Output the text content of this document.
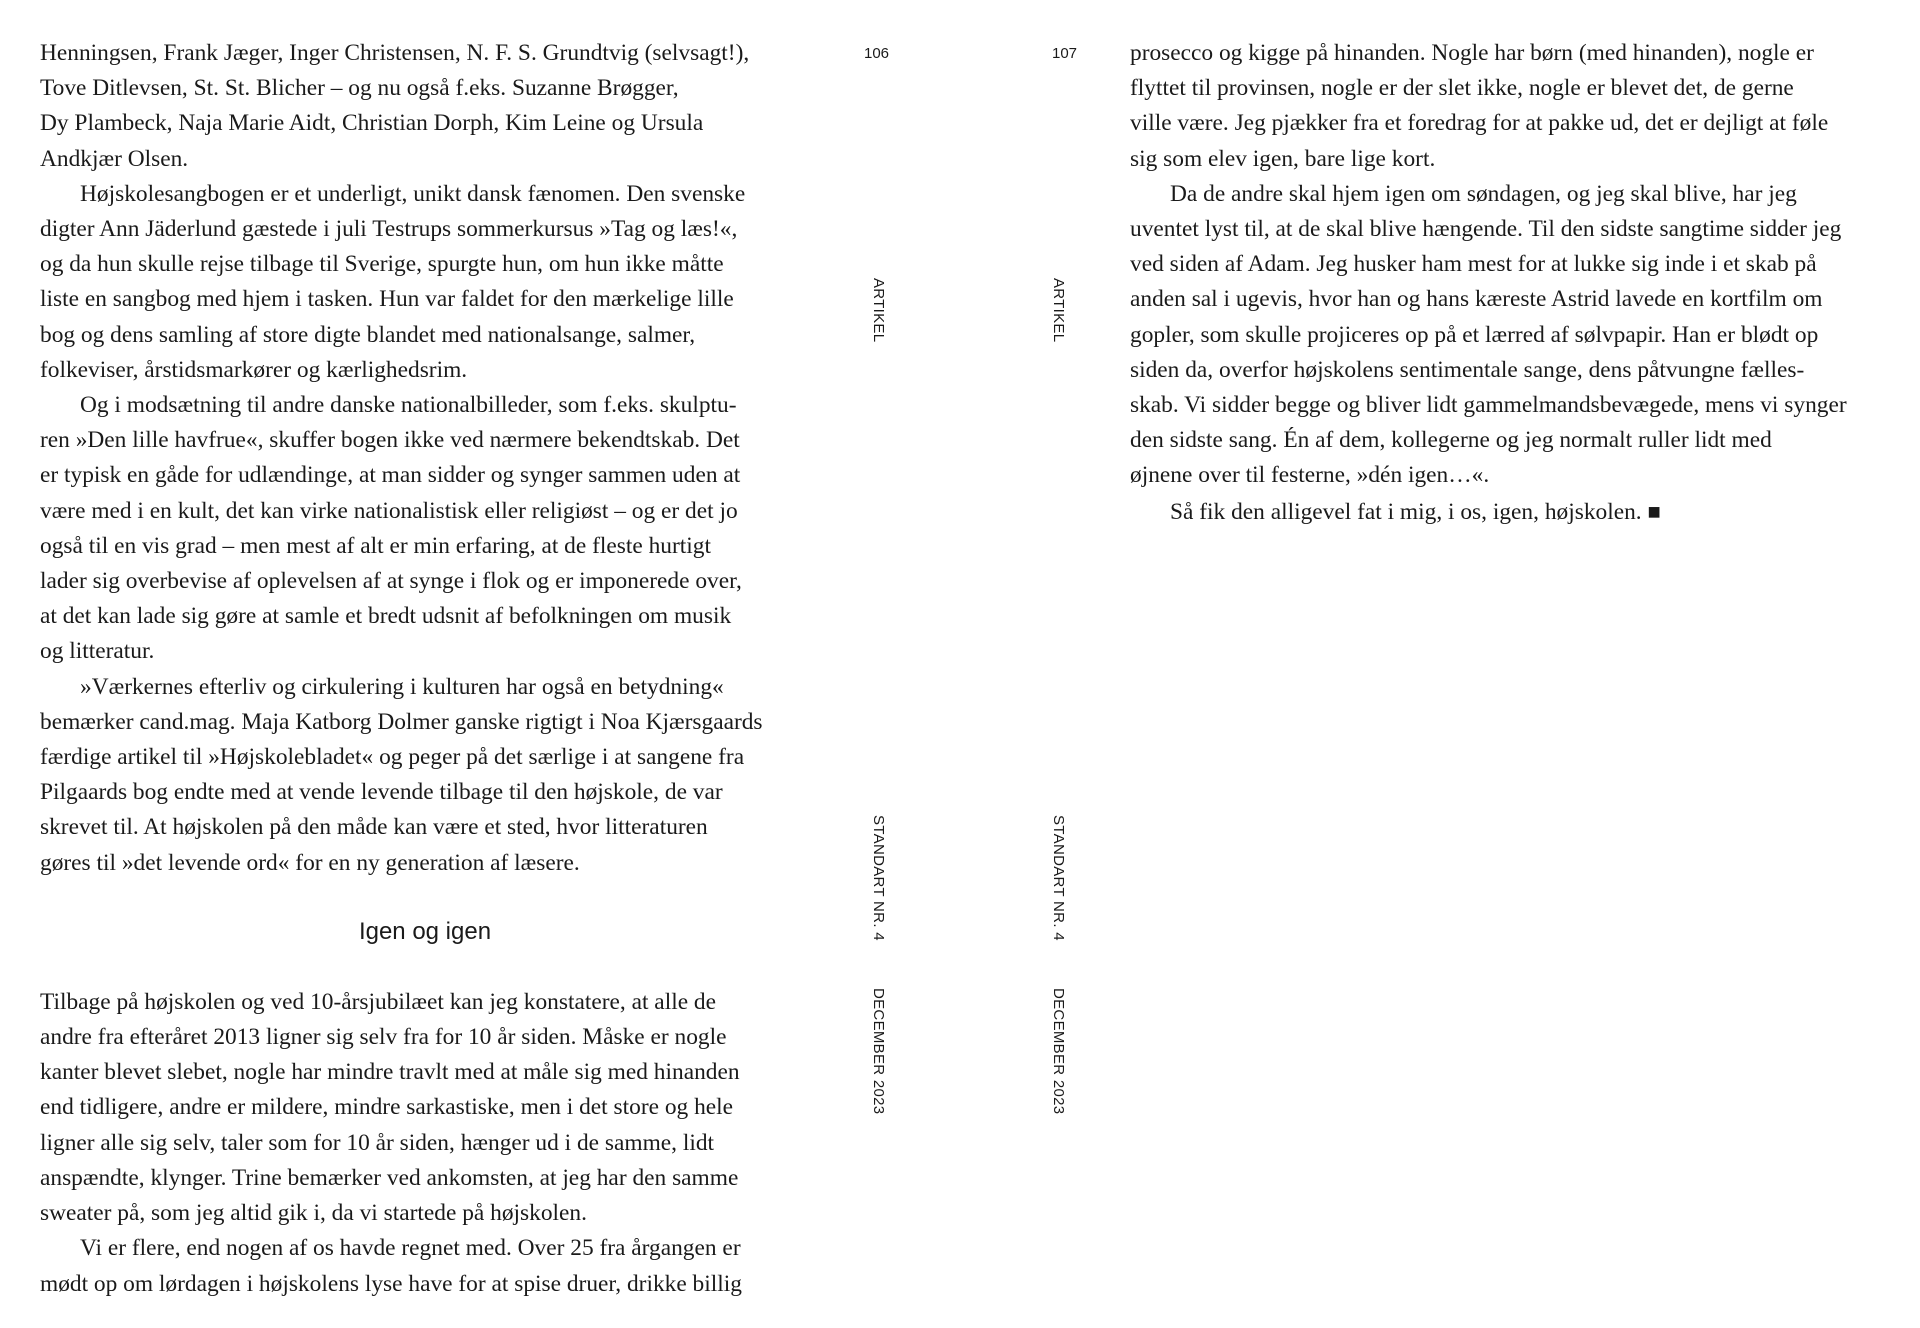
106	107
ARTIKEL	ARTIKEL
STANDART NR. 4	STANDART NR. 4
DECEMBER 2023	DECEMBER 2023

Henningsen, Frank Jæger, Inger Christensen, N. F. S. Grundtvig (selvsagt!),
Tove Ditlevsen, St. St. Blicher – og nu også f.eks. Suzanne Brøgger,
Dy Plambeck, Naja Marie Aidt, Christian Dorph, Kim Leine og Ursula
Andkjær Olsen.

Højskolesangbogen er et underligt, unikt dansk fænomen. Den svenske
digter Ann Jäderlund gæstede i juli Testrups sommerkursus »Tag og læs!«,
og da hun skulle rejse tilbage til Sverige, spurgte hun, om hun ikke måtte
liste en sangbog med hjem i tasken. Hun var faldet for den mærkelige lille
bog og dens samling af store digte blandet med nationalsange, salmer,
folkeviser, årstidsmarkører og kærlighedsrim.

Og i modsætning til andre danske nationalbilleder, som f.eks. skulptu-
ren »Den lille havfrue«, skuffer bogen ikke ved nærmere bekendtskab. Det
er typisk en gåde for udlændinge, at man sidder og synger sammen uden at
være med i en kult, det kan virke nationalistisk eller religiøst – og er det jo
også til en vis grad – men mest af alt er min erfaring, at de fleste hurtigt
lader sig overbevise af oplevelsen af at synge i flok og er imponerede over,
at det kan lade sig gøre at samle et bredt udsnit af befolkningen om musik
og litteratur.

»Værkernes efterliv og cirkulering i kulturen har også en betydning«
bemærker cand.mag. Maja Katborg Dolmer ganske rigtigt i Noa Kjærsgaards
færdige artikel til »Højskolebladet« og peger på det særlige i at sangene fra
Pilgaards bog endte med at vende levende tilbage til den højskole, de var
skrevet til. At højskolen på den måde kan være et sted, hvor litteraturen
gøres til »det levende ord« for en ny generation af læsere.

Igen og igen

Tilbage på højskolen og ved 10-årsjubilæet kan jeg konstatere, at alle de
andre fra efteråret 2013 ligner sig selv fra for 10 år siden. Måske er nogle
kanter blevet slebet, nogle har mindre travlt med at måle sig med hinanden
end tidligere, andre er mildere, mindre sarkastiske, men i det store og hele
ligner alle sig selv, taler som for 10 år siden, hænger ud i de samme, lidt
anspændte, klynger. Trine bemærker ved ankomsten, at jeg har den samme
sweater på, som jeg altid gik i, da vi startede på højskolen.

Vi er flere, end nogen af os havde regnet med. Over 25 fra årgangen er
mødt op om lørdagen i højskolens lyse have for at spise druer, drikke billig

prosecco og kigge på hinanden. Nogle har børn (med hinanden), nogle er
flyttet til provinsen, nogle er der slet ikke, nogle er blevet det, de gerne
ville være. Jeg pjækker fra et foredrag for at pakke ud, det er dejligt at føle
sig som elev igen, bare lige kort.

Da de andre skal hjem igen om søndagen, og jeg skal blive, har jeg
uventet lyst til, at de skal blive hængende. Til den sidste sangtime sidder jeg
ved siden af Adam. Jeg husker ham mest for at lukke sig inde i et skab på
anden sal i ugevis, hvor han og hans kæreste Astrid lavede en kortfilm om
gopler, som skulle projiceres op på et lærred af sølvpapir. Han er blødt op
siden da, overfor højskolens sentimentale sange, dens påtvungne fælles-
skab. Vi sidder begge og bliver lidt gammelmandsbevægede, mens vi synger
den sidste sang. Én af dem, kollegerne og jeg normalt ruller lidt med
øjnene over til festerne, »dén igen…«.

Så fik den alligevel fat i mig, i os, igen, højskolen. ■
